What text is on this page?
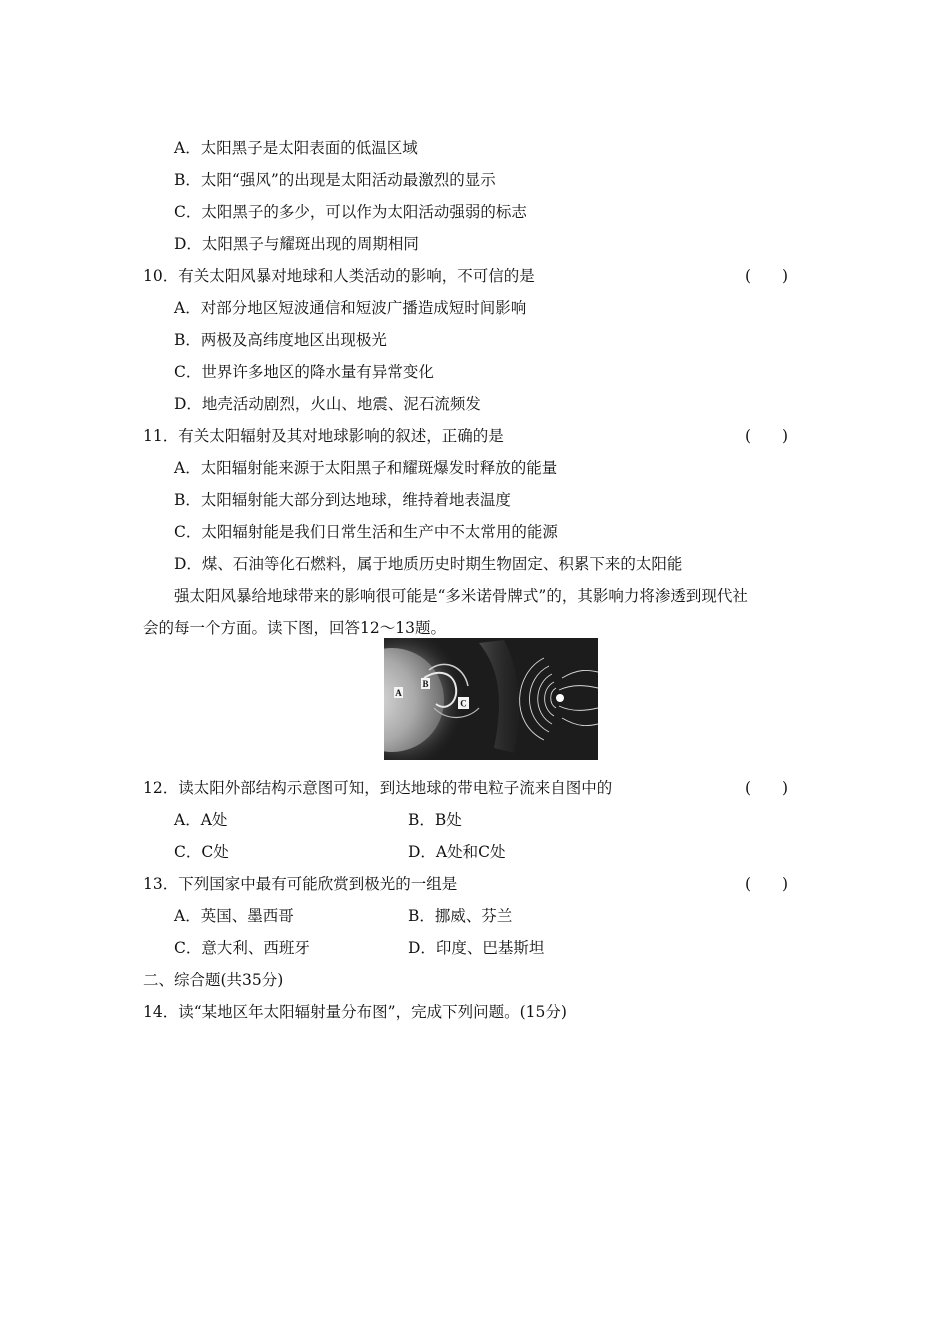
A．太阳黑子是太阳表面的低温区域
B．太阳“强风”的出现是太阳活动最激烈的显示
C．太阳黑子的多少，可以作为太阳活动强弱的标志
D．太阳黑子与耀斑出现的周期相同
10．有关太阳风暴对地球和人类活动的影响，不可信的是	(　　)
A．对部分地区短波通信和短波广播造成短时间影响
B．两极及高纬度地区出现极光
C．世界许多地区的降水量有异常变化
D．地壳活动剧烈，火山、地震、泥石流频发
11．有关太阳辐射及其对地球影响的叙述，正确的是	(　　)
A．太阳辐射能来源于太阳黑子和耀斑爆发时释放的能量
B．太阳辐射能大部分到达地球，维持着地表温度
C．太阳辐射能是我们日常生活和生产中不太常用的能源
D．煤、石油等化石燃料，属于地质历史时期生物固定、积累下来的太阳能
强太阳风暴给地球带来的影响很可能是“多米诺骨牌式”的，其影响力将渗透到现代社
会的每一个方面。读下图，回答12～13题。
A
B
C
12．读太阳外部结构示意图可知，到达地球的带电粒子流来自图中的	(　　)
A．A处	B．B处
C．C处	D．A处和C处
13．下列国家中最有可能欣赏到极光的一组是	(　　)
A．英国、墨西哥	B．挪威、芬兰
C．意大利、西班牙	D．印度、巴基斯坦
二、综合题(共35分)
14．读“某地区年太阳辐射量分布图”，完成下列问题。(15分)
